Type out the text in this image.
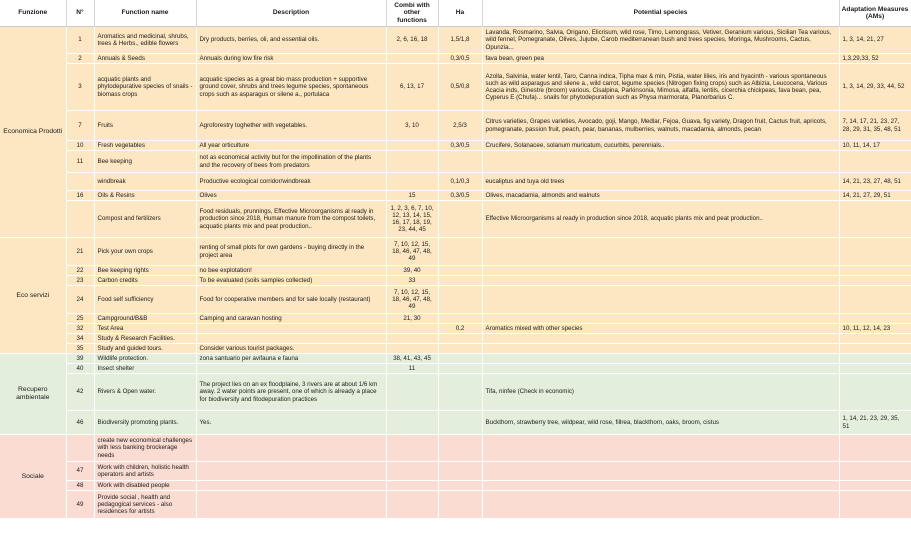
Funzione	N°	Function name	Description	Combi with other functions	Ha	Potential species	Adaptation Measures (AMs)
Economica Prodotti	1	Aromatics and medicinal, shrubs, trees & Herbs., edible flowers	Dry products, berries, oli, and essential oils.	2, 6, 16, 18	1,5/1,8	Lavanda, Rosmarino, Salvia, Origano, Elicrisum, wild rose, Timo, Lemongrass, Vetiver, Geranium various, Sicilian Tea various, wild fennel, Pomegranate, Olives, Jujube, Carob mediterranean bush and trees species, Moringa, Mushrooms, Cactus, Opunzia...	1, 3, 14, 21, 27
	2	Annuals & Seeds	Annuals during low fire risk		0,3/0,5	fava bean, green pea	1,3,29,33, 52
	3	acquatic plants and phytodepurative species of snails - biomass crops	acquatic species as a great bio mass production + supportive ground cover, shrubs and trees legume species, spontaneous crops such as asparagus or silene a., portulaca	6, 13, 17	0,5/0,8	Azolla, Salvinia, water lentil, Taro, Canna indica, Tipha max & min, Pistia, water lilies, iris and hyacinth - various spontaneous such as wild asparagus and silene a., wild carrot, legume species (Nitrogen fixing crops) such as Albizia, Leucocena, Various Acacia inds, Ginestre (broom) various, Cisalpina, Parkinsonia, Mimosa, alfalfa, lentils, cicerchia chickpeas, fava bean, pea, Cyperus E (Chufa)... snails for phytodepuration such as Physa marmorata, Planorbarius C.	1, 3, 14, 29, 33, 44, 52
	7	Fruits	Agroforestry toghether with vegetables.	3, 10	2,5/3	Citrus varieties, Grapes varieties, Avocado, goji, Mango, Medlar, Fejoa, Guava, fig variety, Dragon fruit, Cactus fruit, apricots, pomegranate, passion fruit, peach, pear, bananas, mulberries, walnuts, macadamia, almonds, pecan	7, 14, 17, 21, 23, 27, 28, 29, 31, 35, 48, 51
	10	Fresh vegetables	All year orticulture		0,3/0,5	Crucifere, Solanacee, solanum muricatum, cucurbits, perennials..	10, 11, 14, 17
	11	Bee keeping	not as economical activity but for the impollination of the plants and the recovery of bees from predators				
		windbreak	Productive ecological corridor/windbreak		0,1/0,3	eucaliptus and tuya old trees	14, 21, 23, 27, 48, 51
	16	Oils & Resins	Olives	15	0,3/0,5	Olives, macadamia, almonds and walnuts	14, 21, 27, 29, 51
		Compost and fertilizers	Food residuals, prunnings, Effective Microorganisms al ready in production since 2018, Human manure from the compost toilets, acquatic plants mix and peat production..	1, 2, 3, 6, 7, 10, 12, 13, 14, 15, 16, 17, 18, 19, 23, 44, 45		Effective Microorganisms al ready in production since 2018, acquatic plants mix and peat production..	
Eco servizi	21	Pick your own crops	renting of small plots for own gardens - buying directly in the project area	7, 10, 12, 15, 18, 46, 47, 48, 49			
	22	Bee keeping rights	no bee explotation!	39, 40			
	23	Carbon credits	To be evaluated (soils samples collected)	33			
	24	Food self sufficiency	Food for cooperative members and for sale locally (restaurant)	7, 10, 12, 15, 18, 46, 47, 48, 49			
	25	Campground/B&B	Camping and caravan hosting	21, 30			
	32	Test Area			0,2	Aromatics mixed with other species	10, 11, 12, 14, 23
	34	Study & Research Facilities.					
	35	Study and guided tours.	Consider various tourist packages.				
Recupero ambientale	39	Wildlife protection.	zona santuario per avifauna e fauna	38, 41, 43, 45			
	40	Insect shelter		11			
	42	Rivers & Open water.	The project lies on an ex floodplaine, 3 rivers are at about 1/6 km away. 2 water points are present, one of which is already a place for biodiversity and fitodepuration practices			Tifa, ninfee (Check in economic)	
	46	Biodiversity promoting plants.	Yes.			Buckthorn, strawberry tree, wildpear, wild rose, fillrea, blackthorn, oaks, broom, cistus	1, 14, 21, 23, 29, 35, 51
Sociale		create new economical challenges with less banking brockerage needs					
	47	Work with children, holistic health operators and artists					
	48	Work with disabled people					
	49	Provide social , health and pedagogical services - also residences for artists					
